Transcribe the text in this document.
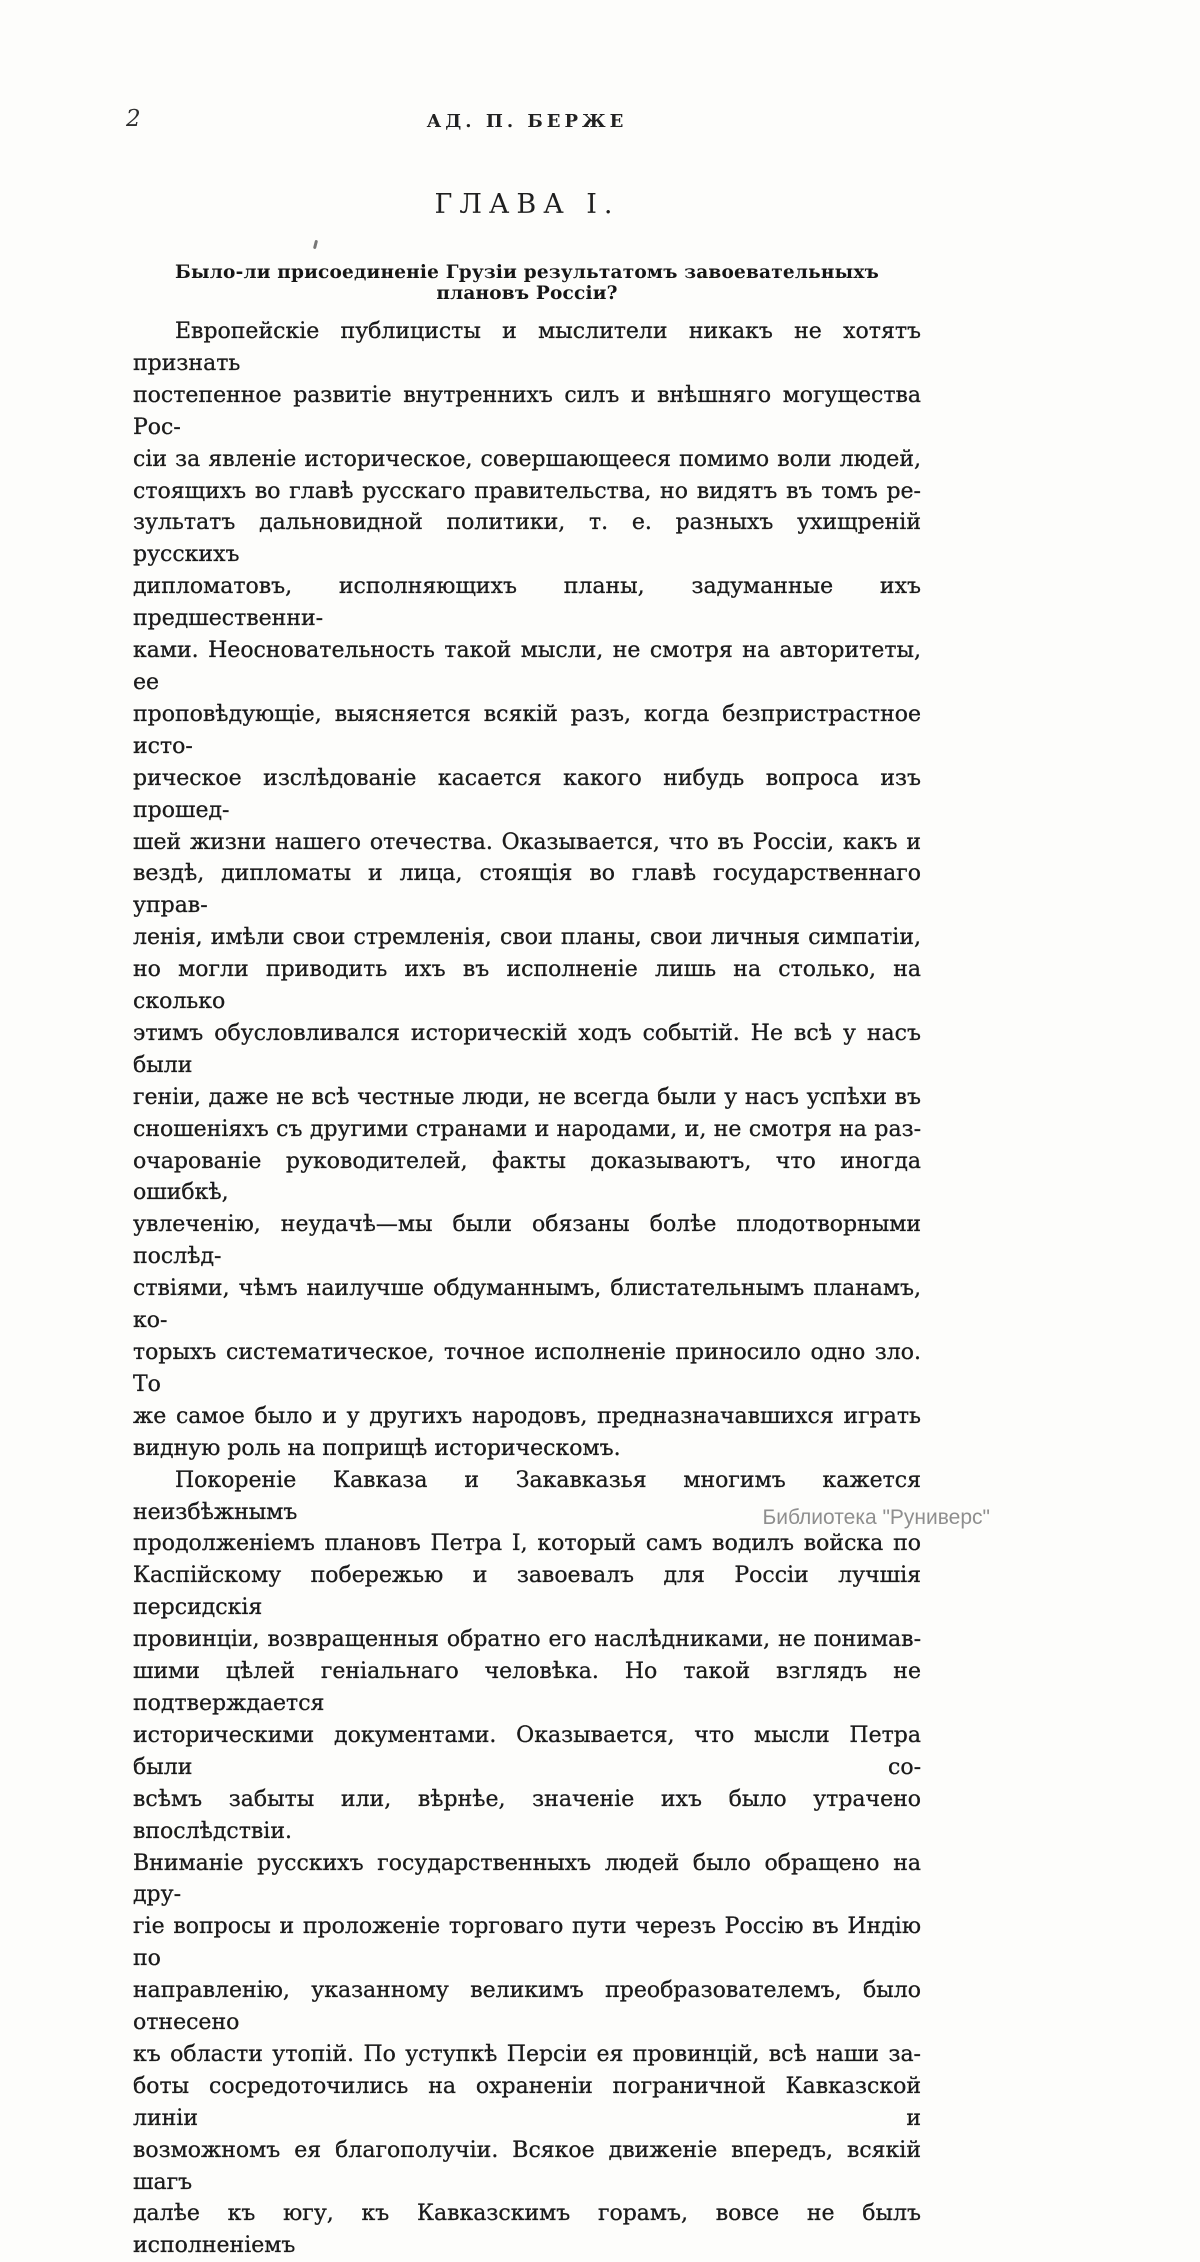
2	АД. П. БЕРЖЕ
ГЛАВА I.
Было-ли присоединеніе Грузіи результатомъ завоевательныхъ плановъ Россіи?
Европейскіе публицисты и мыслители никакъ не хотятъ признать
постепенное развитіе внутреннихъ силъ и внѣшняго могущества Рос-
сіи за явленіе историческое, совершающееся помимо воли людей,
стоящихъ во главѣ русскаго правительства, но видятъ въ томъ ре-
зультатъ дальновидной политики, т. е. разныхъ ухищреній русскихъ
дипломатовъ, исполняющихъ планы, задуманные ихъ предшественни-
ками. Неосновательность такой мысли, не смотря на авторитеты, ее
проповѣдующіе, выясняется всякій разъ, когда безпристрастное исто-
рическое изслѣдованіе касается какого нибудь вопроса изъ прошед-
шей жизни нашего отечества. Оказывается, что въ Россіи, какъ и
вездѣ, дипломаты и лица, стоящія во главѣ государственнаго управ-
ленія, имѣли свои стремленія, свои планы, свои личныя симпатіи,
но могли приводить ихъ въ исполненіе лишь на столько, на сколько
этимъ обусловливался историческій ходъ событій. Не всѣ у насъ были
геніи, даже не всѣ честные люди, не всегда были у насъ успѣхи въ
сношеніяхъ съ другими странами и народами, и, не смотря на раз-
очарованіе руководителей, факты доказываютъ, что иногда ошибкѣ,
увлеченію, неудачѣ—мы были обязаны болѣе плодотворными послѣд-
ствіями, чѣмъ наилучше обдуманнымъ, блистательнымъ планамъ, ко-
торыхъ систематическое, точное исполненіе приносило одно зло. То
же самое было и у другихъ народовъ, предназначавшихся играть
видную роль на поприщѣ историческомъ.
Покореніе Кавказа и Закавказья многимъ кажется неизбѣжнымъ
продолженіемъ плановъ Петра I, который самъ водилъ войска по
Каспійскому побережью и завоевалъ для Россіи лучшія персидскія
провинціи, возвращенныя обратно его наслѣдниками, не понимав-
шими цѣлей геніальнаго человѣка. Но такой взглядъ не подтверждается
историческими документами. Оказывается, что мысли Петра были со-
всѣмъ забыты или, вѣрнѣе, значеніе ихъ было утрачено впослѣдствіи.
Вниманіе русскихъ государственныхъ людей было обращено на дру-
гіе вопросы и проложеніе торговаго пути черезъ Россію въ Индію по
направленію, указанному великимъ преобразователемъ, было отнесено
къ области утопій. По уступкѣ Персіи ея провинцій, всѣ наши за-
боты сосредоточились на охраненіи пограничной Кавказской линіи и
возможномъ ея благополучіи. Всякое движеніе впередъ, всякій шагъ
далѣе къ югу, къ Кавказскимъ горамъ, вовсе не былъ исполненіемъ
Библиотека "Руниверс"
